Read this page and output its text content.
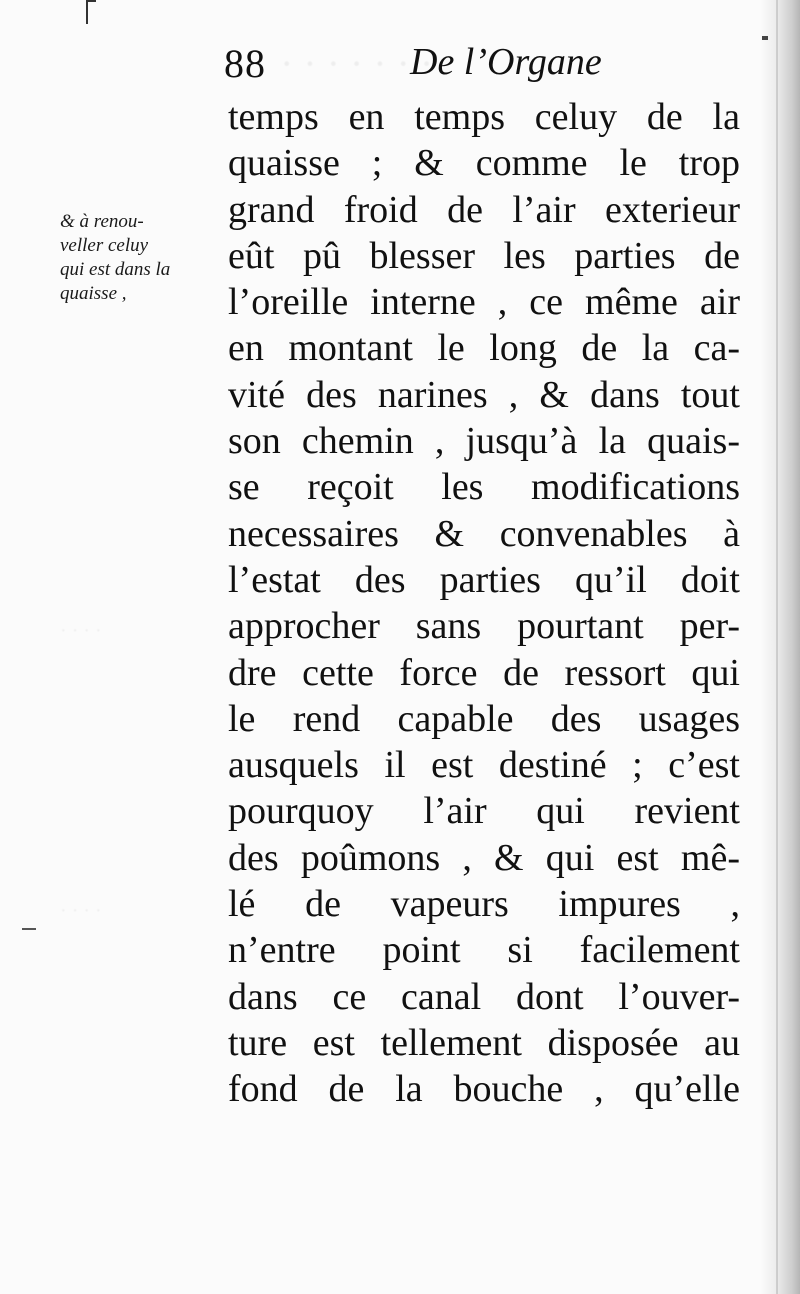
· · · · · · ·
· · · ·
· · · ·
88	De l’Organe
& à renou-
veller celuy
qui est dans la
quaisse ,
temps en temps celuy de la
quaisse ; & comme le trop
grand froid de l’air exterieur
eût pû blesser les parties de
l’oreille interne , ce même air
en montant le long de la ca-
vité des narines , & dans tout
son chemin , jusqu’à la quais-
se reçoit les modifications
necessaires & convenables à
l’estat des parties qu’il doit
approcher sans pourtant per-
dre cette force de ressort qui
le rend capable des usages
ausquels il est destiné ; c’est
pourquoy l’air qui revient
des poûmons , & qui est mê-
lé de vapeurs impures ,
n’entre point si facilement
dans ce canal dont l’ouver-
ture est tellement disposée au
fond de la bouche , qu’elle
